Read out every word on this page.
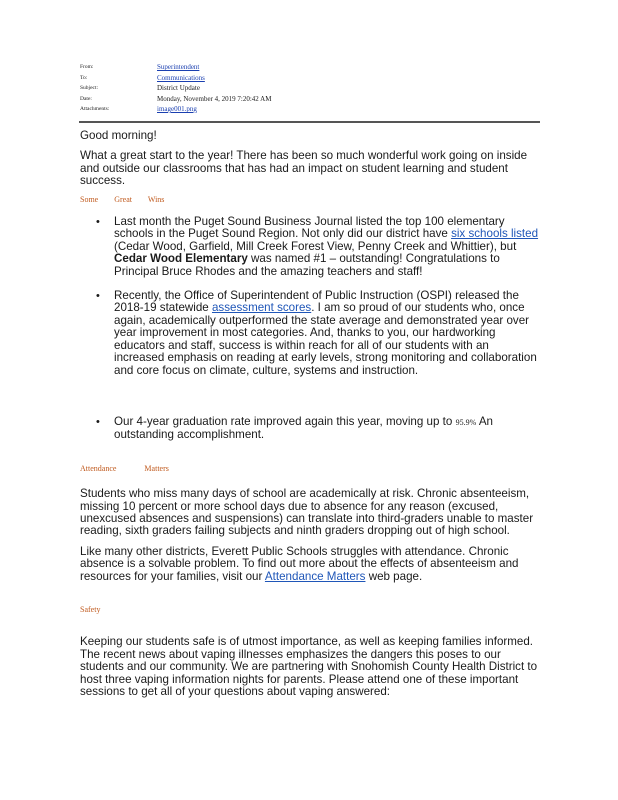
From:	Superintendent
To:	Communications
Subject:	District Update
Date:	Monday, November 4, 2019 7:20:42 AM
Attachments:	image001.png

Good morning!

What a great start to the year! There has been so much wonderful work going on inside and outside our classrooms that has had an impact on student learning and student success.

Some Great Wins
• Last month the Puget Sound Business Journal listed the top 100 elementary schools in the Puget Sound Region. Not only did our district have six schools listed (Cedar Wood, Garfield, Mill Creek Forest View, Penny Creek and Whittier), but Cedar Wood Elementary was named #1 – outstanding! Congratulations to Principal Bruce Rhodes and the amazing teachers and staff!
• Recently, the Office of Superintendent of Public Instruction (OSPI) released the 2018-19 statewide assessment scores. I am so proud of our students who, once again, academically outperformed the state average and demonstrated year over year improvement in most categories. And, thanks to you, our hardworking educators and staff, success is within reach for all of our students with an increased emphasis on reading at early levels, strong monitoring and collaboration and core focus on climate, culture, systems and instruction.
• Our 4-year graduation rate improved again this year, moving up to 95.9% An outstanding accomplishment.
Attendance Matters

Students who miss many days of school are academically at risk. Chronic absenteeism, missing 10 percent or more school days due to absence for any reason (excused, unexcused absences and suspensions) can translate into third-graders unable to master reading, sixth graders failing subjects and ninth graders dropping out of high school.

Like many other districts, Everett Public Schools struggles with attendance. Chronic absence is a solvable problem. To find out more about the effects of absenteeism and resources for your families, visit our Attendance Matters web page.

Safety

Keeping our students safe is of utmost importance, as well as keeping families informed. The recent news about vaping illnesses emphasizes the dangers this poses to our students and our community. We are partnering with Snohomish County Health District to host three vaping information nights for parents. Please attend one of these important sessions to get all of your questions about vaping answered:
